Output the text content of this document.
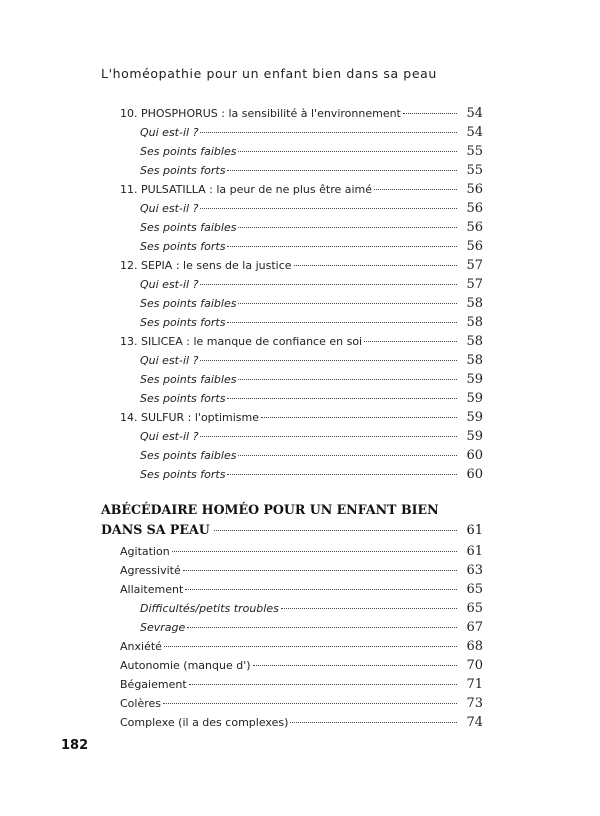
L'homéopathie pour un enfant bien dans sa peau
10. PHOSPHORUS : la sensibilité à l'environnement	54
Qui est-il ?	54
Ses points faibles	55
Ses points forts	55
11. PULSATILLA : la peur de ne plus être aimé	56
Qui est-il ?	56
Ses points faibles	56
Ses points forts	56
12. SEPIA : le sens de la justice	57
Qui est-il ?	57
Ses points faibles	58
Ses points forts	58
13. SILICEA : le manque de confiance en soi	58
Qui est-il ?	58
Ses points faibles	59
Ses points forts	59
14. SULFUR : l'optimisme	59
Qui est-il ?	59
Ses points faibles	60
Ses points forts	60
ABÉCÉDAIRE HOMÉO POUR UN ENFANT BIEN
DANS SA PEAU	61
Agitation	61
Agressivité	63
Allaitement	65
Difficultés/petits troubles	65
Sevrage	67
Anxiété	68
Autonomie (manque d')	70
Bégaiement	71
Colères	73
Complexe (il a des complexes)	74
182
